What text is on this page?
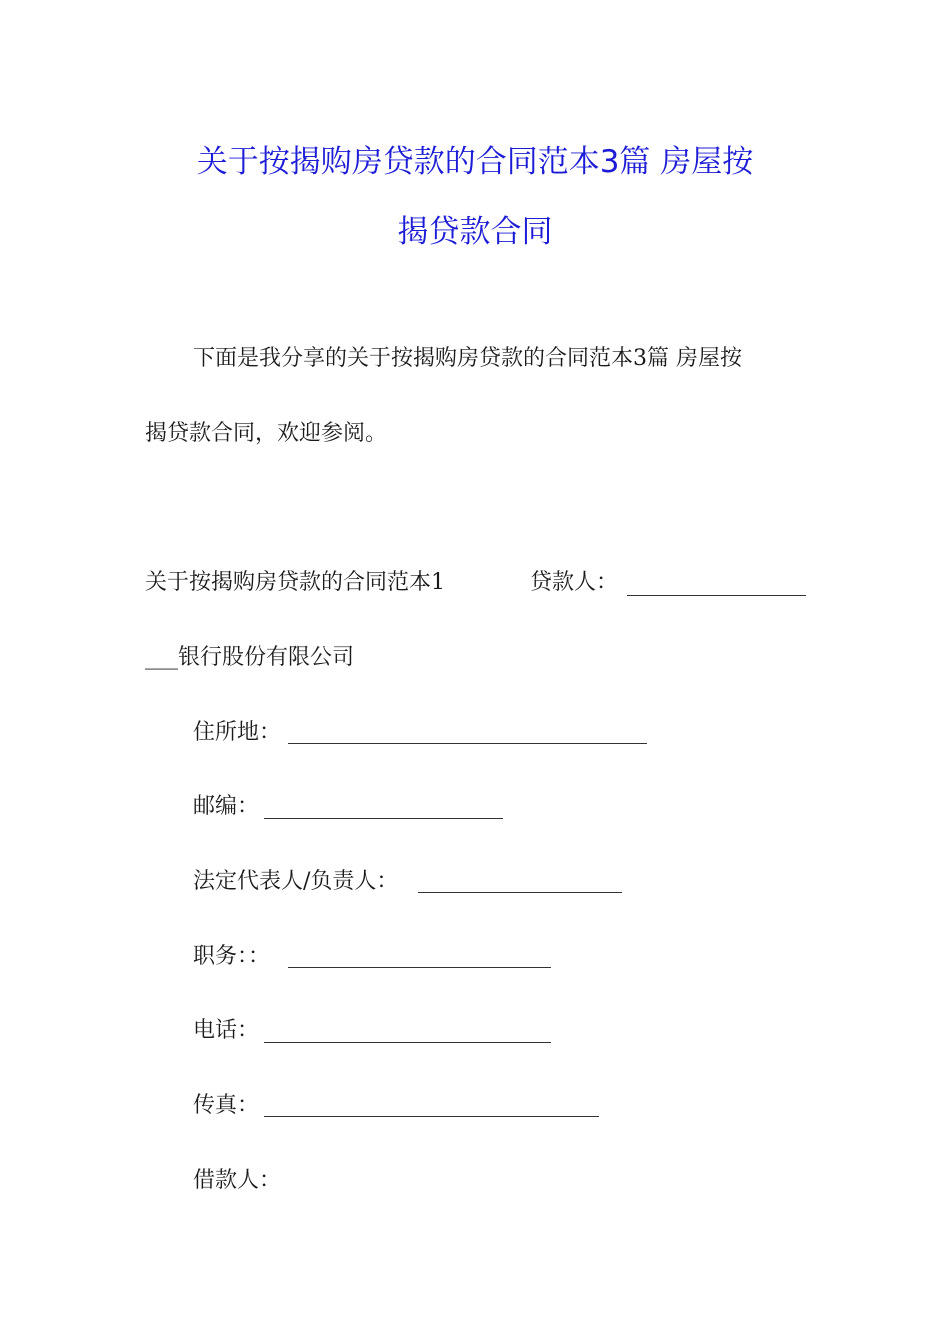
关于按揭购房贷款的合同范本3篇 房屋按
揭贷款合同
下面是我分享的关于按揭购房贷款的合同范本3篇 房屋按
揭贷款合同，欢迎参阅。
关于按揭购房贷款的合同范本1	贷款人：
___银行股份有限公司
住所地：
邮编：
法定代表人/负责人：
职务：：
电话：
传真：
借款人：
